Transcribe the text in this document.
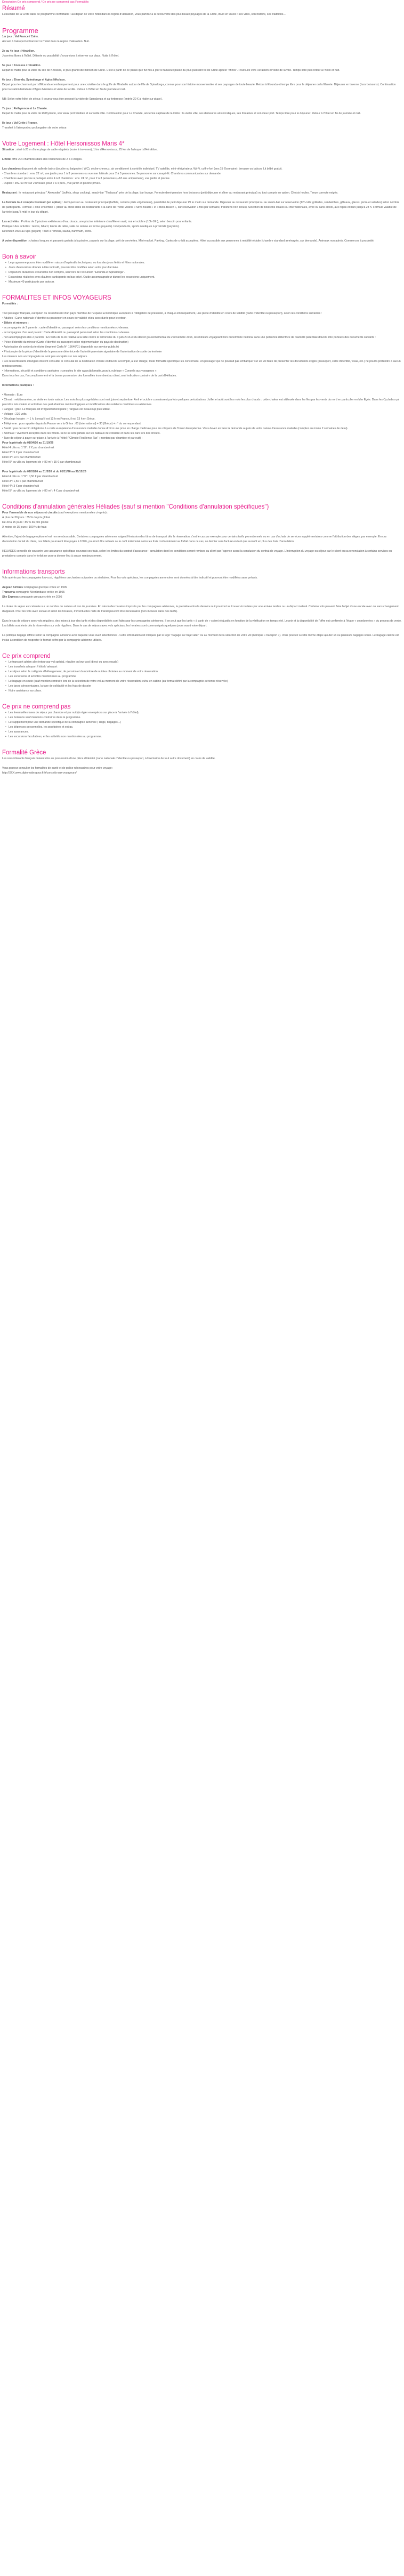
Description Ce prix comprend / Ce prix ne comprend pas Formalités

Résumé

L'essentiel de la Crète dans ce programme confortable : au départ de votre hôtel dans la région d'Héraklion, vous partirez à la découverte des plus beaux paysages de la Crète, d'Est en Ouest : ses villes, son histoire, ses traditions...

Programme

1er jour : Val France / Crète.

Accueil à l'aéroport et transfert à l'hôtel dans la région d'Héraklion. Nuit.

2e au 4e jour : Héraklion.

Journées libres à l'hôtel. Détente ou possibilité d'excursions à réserver sur place. Nuits à l'hôtel.

5e jour : Knossos / Héraklion.

Départ le matin pour la visite du site de Knossos, le plus grand site minoen de Crète. C'est à partir de ce palais que fut mis à jour le fabuleux passé du plus puissant roi de Crète appelé "Minos". Poursuite vers Héraklion et visite de la ville. Temps libre puis retour à l'hôtel et nuit.

6e jour : Elounda, Spinalonga et Agios Nikolaos.

Départ pour le charmant port d'Elounda et embarquement pour une croisière dans le golfe de Mirabello autour de l'île de Spinalonga, connue pour son histoire mouvementée et ses paysages de toute beauté. Retour à Elounda et temps libre pour le déjeuner ou la flânerie. Déjeuner en taverne (hors boissons). Continuation pour la station balnéaire d'Agios Nikolaos et visite de la ville. Retour à l'hôtel en fin de journée et nuit.

NB: Selon votre hôtel de séjour, il pourra vous être proposé la visite de Spinalonga et sa forteresse (entrée 20 € à régler sur place).

7e jour : Rethymnon et La Chanée.

Départ le matin pour la visite de Rethymnon, son vieux port vénitien et sa vieille ville. Continuation pour La Chanée, ancienne capitale de la Crète : la vieille ville, ses demeures aristocratiques, ses fontaines et son vieux port. Temps libre pour le déjeuner. Retour à l'hôtel en fin de journée et nuit.

8e jour : Val Crète / France.

Transfert à l'aéroport ou prolongation de votre séjour.

Votre Logement : Hôtel Hersonissos Maris 4*

Situation : situé à 20 m d'une plage de sable et galets (route à traverser), 1 km d'Hersonissos, 25 km de l'aéroport d'Héraklion.

L'hôtel offre 204 chambres dans des résidences de 2 à 3 étages.

Les chambres disposent de salle de bains (douche ou baignoire / WC), sèche-cheveux, air conditionné à contrôle individuel, TV satellite, mini-réfrigérateur, Wi-Fi, coffre-fort (env.15 €/semaine), terrasse ou balcon. Lit bébé gratuit.

- Chambres standard : env. 22 m², vue jardin pour 1 à 3 personnes ou vue mer latérale pour 2 à 3 personnes. 3e personne sur canapé-lit. Chambres communicantes sur demande.

- Chambres avec piscine à partager entre 4 à 8 chambres : env. 24 m², pour 2 à 3 personnes (+18 ans uniquement), vue jardin et piscine.

- Duplex : env. 60 m² sur 2 niveaux, pour 2 à 4 pers., vue jardin et piscine privée.

Restaurant : le restaurant principal " Alexander" (buffets, show cooking), snack-bar "Thalassa" près de la plage, bar lounge. Formule demi-pension hors boissons (petit déjeuner et dîner au restaurant principal) ou tout compris en option. Choisis houles. Tenue correcte exigée.

La formule tout compris Premium (en option) : demi-pension au restaurant principal (buffets, certains plats végétariens), possibilité de petit déjeuner tôt le matin sur demande. Déjeuner au restaurant principal ou au snack-bar sur réservation (12h-14h: grillades, sandwiches, gâteaux, glaces, pizza et salades) selon nombre de participants. Formule « dîne ensemble » (dîner au choix dans les restaurants à la carte de l'hôtel voisins « Silva Beach » et « Bella Beach », sur réservation 1 fois par semaine, transferts non inclus). Sélection de boissons locales ou internationales, avec ou sans alcool, aux repas et bars jusqu'à 23 h. Formule valable de l'arrivée jusqu'à midi le jour du départ.

Les activités : Profitez de 2 piscines extérieures d'eau douce, une piscine intérieure chauffée en avril, mai et octobre (10h-16h), selon besoin pour enfants.

Pratiquez des activités : tennis, billard, tennis de table, salle de remise en forme (payants). Indépendants, sports nautiques à proximité (payants).

Détendez-vous au Spa (payant) : bain à remous, sauna, hammam, soins.

À votre disposition : chaises longues et parasols gratuits à la piscine, payants sur la plage, prêt de serviettes. Mini-market. Parking. Cartes de crédit acceptées. Hôtel accessible aux personnes à mobilité réduite (chambre standard aménagée, sur demande). Animaux non admis. Commerces à proximité.

Bon à savoir
• Le programme pourra être modifié en raison d'impératifs techniques, ou lors des jours fériés et fêtes nationales.
• Jours d'excursions donnés à titre indicatif, pouvant être modifiés selon votre jour d'arrivée.
• Déjeuners durant les excursions non compris, sauf lors de l'excursion "Elounda et Spinalonga".
• Excursions réalisées avec d'autres participants en bus privé. Guide accompagnateur durant les excursions uniquement.
• Maximum 49 participants par autocar.
FORMALITES ET INFOS VOYAGEURS

Formalités :

Tout passager français, européen ou ressortissant d'un pays membre de l'Espace Economique Européen à l'obligation de présenter, à chaque embarquement, une pièce d'identité en cours de validité (carte d'identité ou passeport), selon les conditions suivantes :

• Adultes : Carte nationale d'identité ou passeport en cours de validité et/ou avec durée pour le retour.

• Bébés et mineurs :

- accompagnés de 2 parents : carte d'identité ou passeport selon les conditions mentionnées ci-dessus.

- accompagnés d'un seul parent : Carte d'identité ou passeport personnel selon les conditions ci-dessus.

- non accompagnés des 2 parents : En vertu de la loi relative à la lutte contre le terrorisme du 3 juin 2016 et du décret gouvernemental du 2 novembre 2016, les mineurs voyageant hors du territoire national sans une personne détentrice de l'autorité parentale doivent être porteurs des documents suivants :

• Pièce d'identité du mineur (Carte d'Identité ou passeport selon réglementation du pays de destination)

• Autorisation de sortie du territoire (imprimé Cerfa N° 15646*01 disponible sur service-public.fr)

• Photocopie de la pièce d'identité de la personne détentrice de l'autorité parentale signataire de l'autorisation de sortie du territoire

Les mineurs non accompagnés ne sont pas acceptés sur nos séjours.

• Les ressortissants étrangers doivent consulter le consulat de la destination choisie et doivent accomplir, à leur charge, toute formalité spécifique les concernant. Un passager qui ne pourrait pas embarquer sur un vol faute de présenter les documents exigés (passeport, carte d'identité, visas, etc.) ne pourra prétendre à aucun remboursement.

• Informations, sécurité et conditions sanitaires : consultez le site www.diplomatie.gouv.fr, rubrique « Conseils aux voyageurs ».

Dans tous les cas, l'accomplissement et la bonne possession des formalités incombent au client, seul indication contraire de la part d'Héliades.

Informations pratiques :

• Monnaie : Euro

• Climat : méditerranéen, se visite en toute saison. Les mois les plus agréables sont mai, juin et septembre. Avril et octobre connaissent parfois quelques perturbations. Juillet et août sont les mois les plus chauds : cette chaleur est atténuée dans les îles par les vents du nord en particulier en Mer Égée. Dans les Cyclades qui peut être très violent et entraîner des perturbations météorologiques et modifications des relations maritimes ou aériennes.

• Langue : grec. Le français est irrégulièrement parlé ; l'anglais est beaucoup plus utilisé.

• Voltage : 220 volts.

• Décalage horaire : + 1 h. Lorsqu'il est 12 h en France, il est 13 h en Grèce.

• Téléphone : pour appeler depuis la France vers la Grèce : 00 (international) + 30 (Grèce) + n° du correspondant.

• Santé : pas de vaccin obligatoire. La carte européenne d'assurance maladie donne droit à une prise en charge médicale pour les citoyens de l'Union Européenne. Vous devez en faire la demande auprès de votre caisse d'assurance maladie (comptez au moins 2 semaines de délai).

• Animaux : vivement acceptés dans les hôtels. Si ne se sont jamais sur les bateaux de croisière et dans les cars lors des circuits.

• Taxe de séjour à payer sur place à l'arrivée à l'hôtel ("Climate Resilience Tax" ; montant par chambre et par nuit) :

Pour la période du 01/04/26 au 31/10/26

Hôtel 4 clés ou 1°/2°: 2 € par chambre/nuit

Hôtel 3°: 5 € par chambre/nuit

Hôtel 4°: 10 € par chambre/nuit

Hôtel 5° ou villa ou logement de > 80 m² : 15 € par chambre/nuit

Pour la période du 01/01/26 au 31/3/26 et du 01/11/26 au 31/12/26

Hôtel 4 clés ou 1°/2°: 0,50 € par chambre/nuit

Hôtel 3°: 1,50 € par chambre/nuit

Hôtel 4°: 3 € par chambre/nuit

Hôtel 5° ou villa ou logement de > 80 m² : 4 € par chambre/nuit

Conditions d'annulation générales Héliades (sauf si mention "Conditions d'annulation spécifiques")

Pour l'ensemble de nos séjours et circuits (sauf exceptions mentionnées ci-après) :

À plus de 30 jours : 35 % du prix global

De 30 à 15 jours : 85 % du prix global

À moins de 15 jours : 100 % de frais

Attention, l'ajout de bagage optionnel est non remboursable. Certaines compagnies aériennes exigent l'émission des titres de transport dès la réservation, c'est le cas par exemple pour certains tarifs promotionnels ou en cas d'achats de services supplémentaires comme l'attribution des sièges, par exemple. En cas d'annulation du fait du client, ces billets pourraient être payés à 100%, pourront être refusés ou le coût indemnisé selon les frais conformément au forfait dans ce cas, ce dernier sera facturé en tant que surcoût en plus des frais d'annulation.

HELIADES conseille de souscrire une assurance spécifique couvrant ces frais, selon les limites du contrat d'assurance - annulation dont les conditions seront remises au client par l'agence avant la conclusion du contrat de voyage. L'interruption du voyage ou séjour par le client ou sa renonciation à certains services ou prestations compris dans le forfait ne pourra donner lieu à aucun remboursement.

Informations transports

Vols opérés par les compagnies low-cost, régulières ou charters suivantes ou similaires. Pour les vols spéciaux, les compagnies annoncées sont données à titre indicatif et pourront être modifiées sans préavis.

Aegean Airlines Compagnie grecque créée en 1999

Transavia compagnie Néerlandaise créée en 1965

Sky Express compagnie grecque créée en 2005

La durée du séjour est calculée sur un nombre de nuitées et non de journées. En raison des horaires imposés par les compagnies aériennes, la première et/ou la dernière nuit pourront se trouver écourtées par une arrivée tardive ou un départ matinal. Certains vols peuvent faire l'objet d'une escale avec ou sans changement d'appareil. Pour les vols avec escale et selon les horaires, d'éventuelles nuits de transit peuvent être nécessaires (non incluses dans nos tarifs).

Dans le cas de séjours avec vols réguliers, des mises à jour des tarifs et des disponibilités sont faites par les compagnies aériennes. Il se peut que les tarifs « à partir de » soient réajustés en fonction de la vérification en temps réel. Le prix et la disponibilité de l'offre est confirmée à l'étape « coordonnées » du process de vente. Les billets sont émis dès la réservation sur vols réguliers. Dans le cas de séjours avec vols spéciaux, les horaires sont communiqués quelques jours avant votre départ.

La politique bagage diffère selon la compagnie aérienne avec laquelle vous avez sélectionnée . Cette information est indiquée par le logo "bagage sur trajet aller" ou au moment de la sélection de votre vol (rubrique « transport »). Vous pourrez à cette même étape ajouter un ou plusieurs bagages soute. Le bagage cabine est inclus à condition de respecter le format défini par la compagnie aérienne utilisée.

Ce prix comprend
• Le transport aérien aller/retour par vol spécial, régulier ou low-cost (direct ou avec escale)
• Les transferts aéroport / hôtel / aéroport
• Le séjour selon la catégorie d'hébergement, de pension et du nombre de nuitées choisies au moment de votre réservation
• Les excursions et activités mentionnées au programme
• Le bagage en soute (sauf mention contraire lors de la sélection de votre vol au moment de votre réservation) et/ou en cabine (au format défini par la compagnie aérienne réservée)
• Les taxes aéroportuaires, la taxe de solidarité et les frais de dossier
• Notre assistance sur place.
Ce prix ne comprend pas
• Les éventuelles taxes de séjour par chambre et par nuit (à régler en espèces sur place à l'arrivée à l'hôtel),
• Les boissons sauf mentions contraires dans le programme.
• Le supplément pour une demande spécifique de la compagnie aérienne ( siège, bagages...)
• Les dépenses personnelles, les pourboires et extras.
• Les assurances.
• Les excursions facultatives, et les activités non mentionnées au programme.
Formalité Grèce

Les ressortissants français doivent être en possession d'une pièce d'identité (carte nationale d'identité ou passeport, à l'exclusion de tout autre document) en cours de validité.

Vous pouvez consulter les formalités de santé et de police nécessaires pour votre voyage :

http://XXX.www.diplomatie.gouv.fr/fr/conseils-aux-voyageurs/
